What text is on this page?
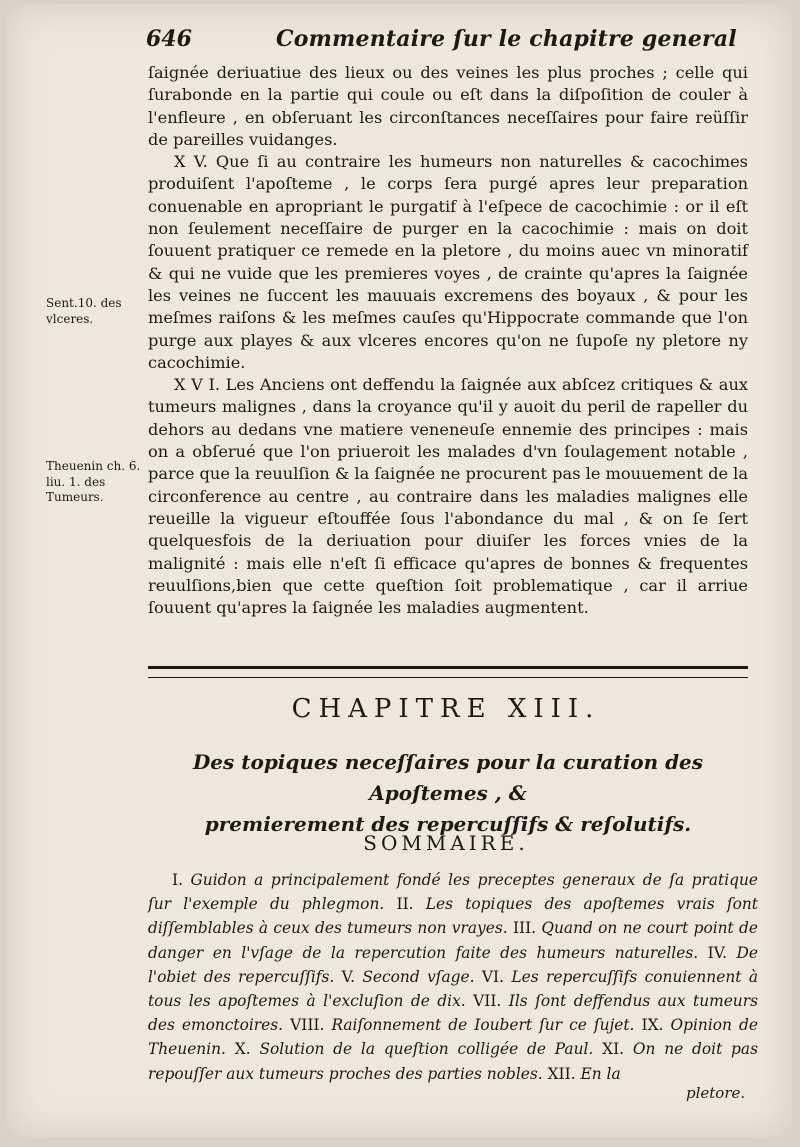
646	Commentaire ſur le chapitre general

ſaignée deriuatiue des lieux ou des veines les plus proches ; celle qui ſurabonde en la partie qui coule ou eſt dans la diſpoſition de couler à l'enfleure , en obſeruant les circonſtances neceſſaires pour faire reüſſir de pareilles vuidanges.

X V. Que ſi au contraire les humeurs non naturelles & cacochimes produiſent l'apoſteme , le corps ſera purgé apres leur preparation conuenable en apropriant le purgatif à l'eſpece de cacochimie : or il eſt non ſeulement neceſſaire de purger en la cacochimie : mais on doit ſouuent pratiquer ce remede en la pletore , du moins auec vn minoratif & qui ne vuide que les premieres voyes , de crainte qu'apres la ſaignée les veines ne ſuccent les mauuais excremens des boyaux , & pour les meſmes raiſons & les meſmes cauſes qu'Hippocrate commande que l'on purge aux playes & aux vlceres encores qu'on ne ſupoſe ny pletore ny cacochimie.

X V I. Les Anciens ont deffendu la ſaignée aux abſcez critiques & aux tumeurs malignes , dans la croyance qu'il y auoit du peril de rapeller du dehors au dedans vne matiere veneneuſe ennemie des principes : mais on a obſerué que l'on priueroit les malades d'vn ſoulagement notable , parce que la reuulſion & la ſaignée ne procurent pas le mouuement de la circonference au centre , au contraire dans les maladies malignes elle reueille la vigueur eſtouffée ſous l'abondance du mal , & on ſe ſert quelquesfois de la deriuation pour diuiſer les forces vnies de la malignité : mais elle n'eſt ſi efficace qu'apres de bonnes & frequentes reuulſions,bien que cette queſtion ſoit problematique , car il arriue ſouuent qu'apres la ſaignée les maladies augmentent.

Sent.10. des vlceres.
Theuenin ch. 6. liu. 1. des Tumeurs.
CHAPITRE XIII.
Des topiques neceſſaires pour la curation des Apoſtemes , &
premierement des repercuſſifs & reſolutifs.
SOMMAIRE.
I. Guidon a principalement fondé les preceptes generaux de ſa pratique ſur l'exemple du phlegmon. II. Les topiques des apoſtemes vrais ſont diſſemblables à ceux des tumeurs non vrayes. III. Quand on ne court point de danger en l'vſage de la repercution faite des humeurs naturelles. IV. De l'obiet des repercuſſifs. V. Second vſage. VI. Les repercuſſifs conuiennent à tous les apoſtemes à l'excluſion de dix. VII. Ils ſont deffendus aux tumeurs des emonctoires. VIII. Raiſonnement de Ioubert ſur ce ſujet. IX. Opinion de Theuenin. X. Solution de la queſtion colligée de Paul. XI. On ne doit pas repouſſer aux tumeurs proches des parties nobles. XII. En la
pletore.
